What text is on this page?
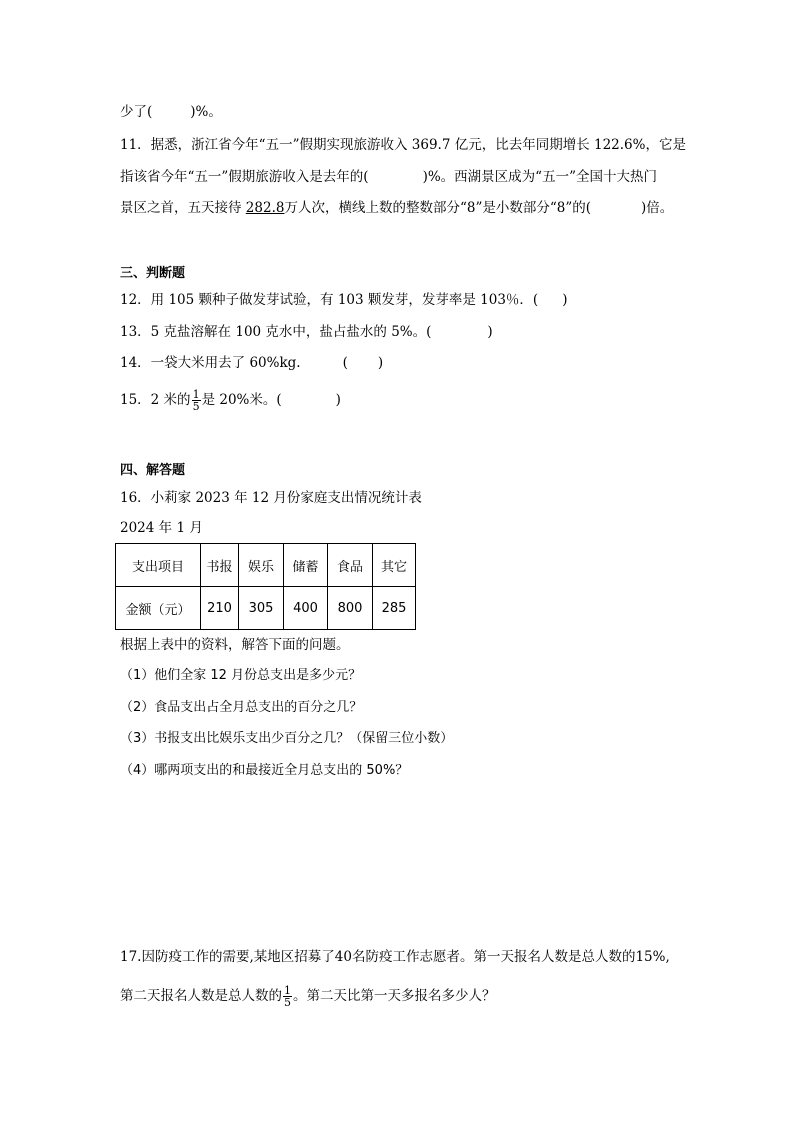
少了(	)%。
11．据悉，浙江省今年“五一”假期实现旅游收入 369.7 亿元，比去年同期增长 122.6%，它是
指该省今年“五一”假期旅游收入是去年的(	)%。西湖景区成为“五一”全国十大热门
景区之首，五天接待 282.8万人次，横线上数的整数部分“8”是小数部分“8”的(	)倍。
三、判断题
12．用 105 颗种子做发芽试验，有 103 颗发芽，发芽率是 103％．( )
13．5 克盐溶解在 100 克水中，盐占盐水的 5%。(	)
14．一袋大米用去了 60%kg.	( )
15．2 米的 $\frac{1}{5}$ 是 20%米。(	)
四、解答题
16．小莉家 2023 年 12 月份家庭支出情况统计表
2024 年 1 月
支出项目	书报	娱乐	储蓄	食品	其它
金额（元）	210	305	400	800	285
根据上表中的资料，解答下面的问题。
（1）他们全家 12 月份总支出是多少元？
（2）食品支出占全月总支出的百分之几？
（3）书报支出比娱乐支出少百分之几？（保留三位小数）
（4）哪两项支出的和最接近全月总支出的 50%？
17.因防疫工作的需要,某地区招募了40名防疫工作志愿者。第一天报名人数是总人数的15%,
第二天报名人数是总人数的 $\frac{1}{5}$ 。第二天比第一天多报名多少人？
